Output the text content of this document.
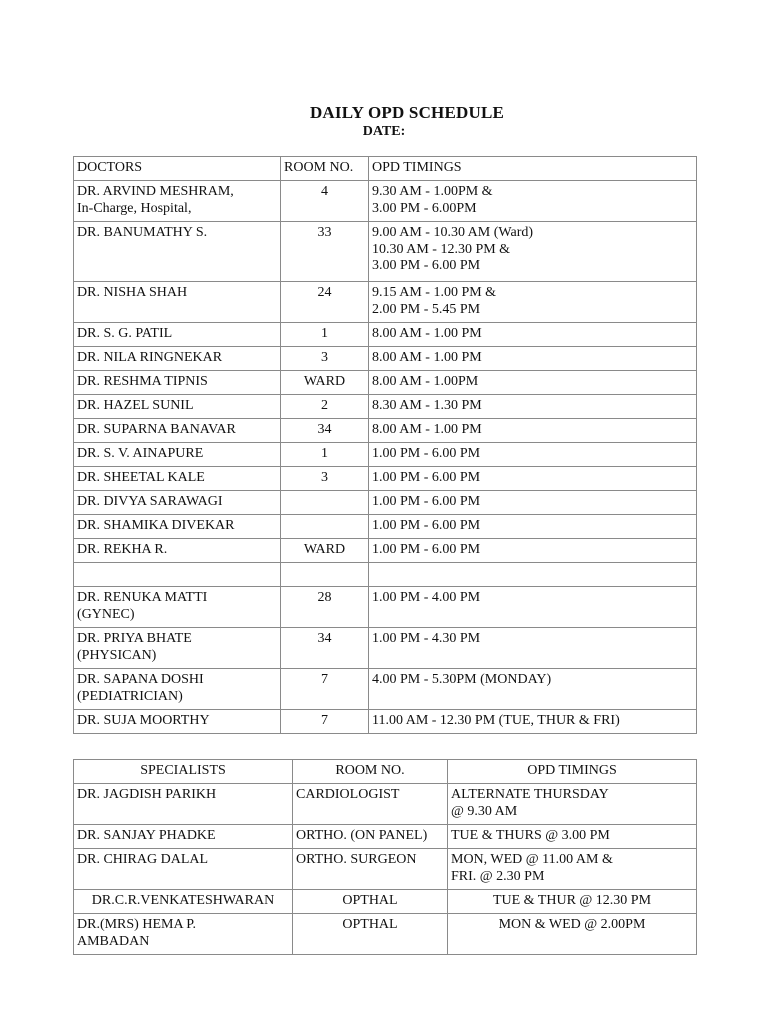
DAILY OPD SCHEDULE
DATE:
DOCTORS	ROOM NO.	OPD TIMINGS
DR. ARVIND MESHRAM,
In-Charge, Hospital,	4	9.30 AM - 1.00PM &
3.00 PM - 6.00PM
DR. BANUMATHY S.	33	9.00 AM - 10.30 AM (Ward)
10.30 AM - 12.30 PM &
3.00 PM - 6.00 PM
DR. NISHA SHAH	24	9.15 AM - 1.00 PM &
2.00 PM - 5.45 PM
DR. S. G. PATIL	1	8.00 AM - 1.00 PM
DR. NILA RINGNEKAR	3	8.00 AM - 1.00 PM
DR. RESHMA TIPNIS	WARD	8.00 AM - 1.00PM
DR. HAZEL SUNIL	2	8.30 AM - 1.30 PM
DR. SUPARNA BANAVAR	34	8.00 AM - 1.00 PM
DR. S. V. AINAPURE	1	1.00 PM - 6.00 PM
DR. SHEETAL KALE	3	1.00 PM - 6.00 PM
DR. DIVYA SARAWAGI		1.00 PM - 6.00 PM
DR. SHAMIKA DIVEKAR		1.00 PM - 6.00 PM
DR. REKHA R.	WARD	1.00 PM - 6.00 PM

DR. RENUKA MATTI
(GYNEC)	28	1.00 PM - 4.00 PM
DR. PRIYA BHATE
(PHYSICAN)	34	1.00 PM - 4.30 PM
DR. SAPANA DOSHI
(PEDIATRICIAN)	7	4.00 PM - 5.30PM (MONDAY)
DR. SUJA MOORTHY	7	11.00 AM - 12.30 PM (TUE, THUR & FRI)
SPECIALISTS	ROOM NO.	OPD TIMINGS
DR. JAGDISH PARIKH	CARDIOLOGIST	ALTERNATE THURSDAY
@ 9.30 AM
DR. SANJAY PHADKE	ORTHO. (ON PANEL)	TUE & THURS @ 3.00 PM
DR. CHIRAG DALAL	ORTHO. SURGEON	MON, WED @ 11.00 AM &
FRI. @ 2.30 PM
DR.C.R.VENKATESHWARAN	OPTHAL	TUE & THUR @ 12.30 PM
DR.(MRS) HEMA P.
AMBADAN	OPTHAL	MON & WED @ 2.00PM
